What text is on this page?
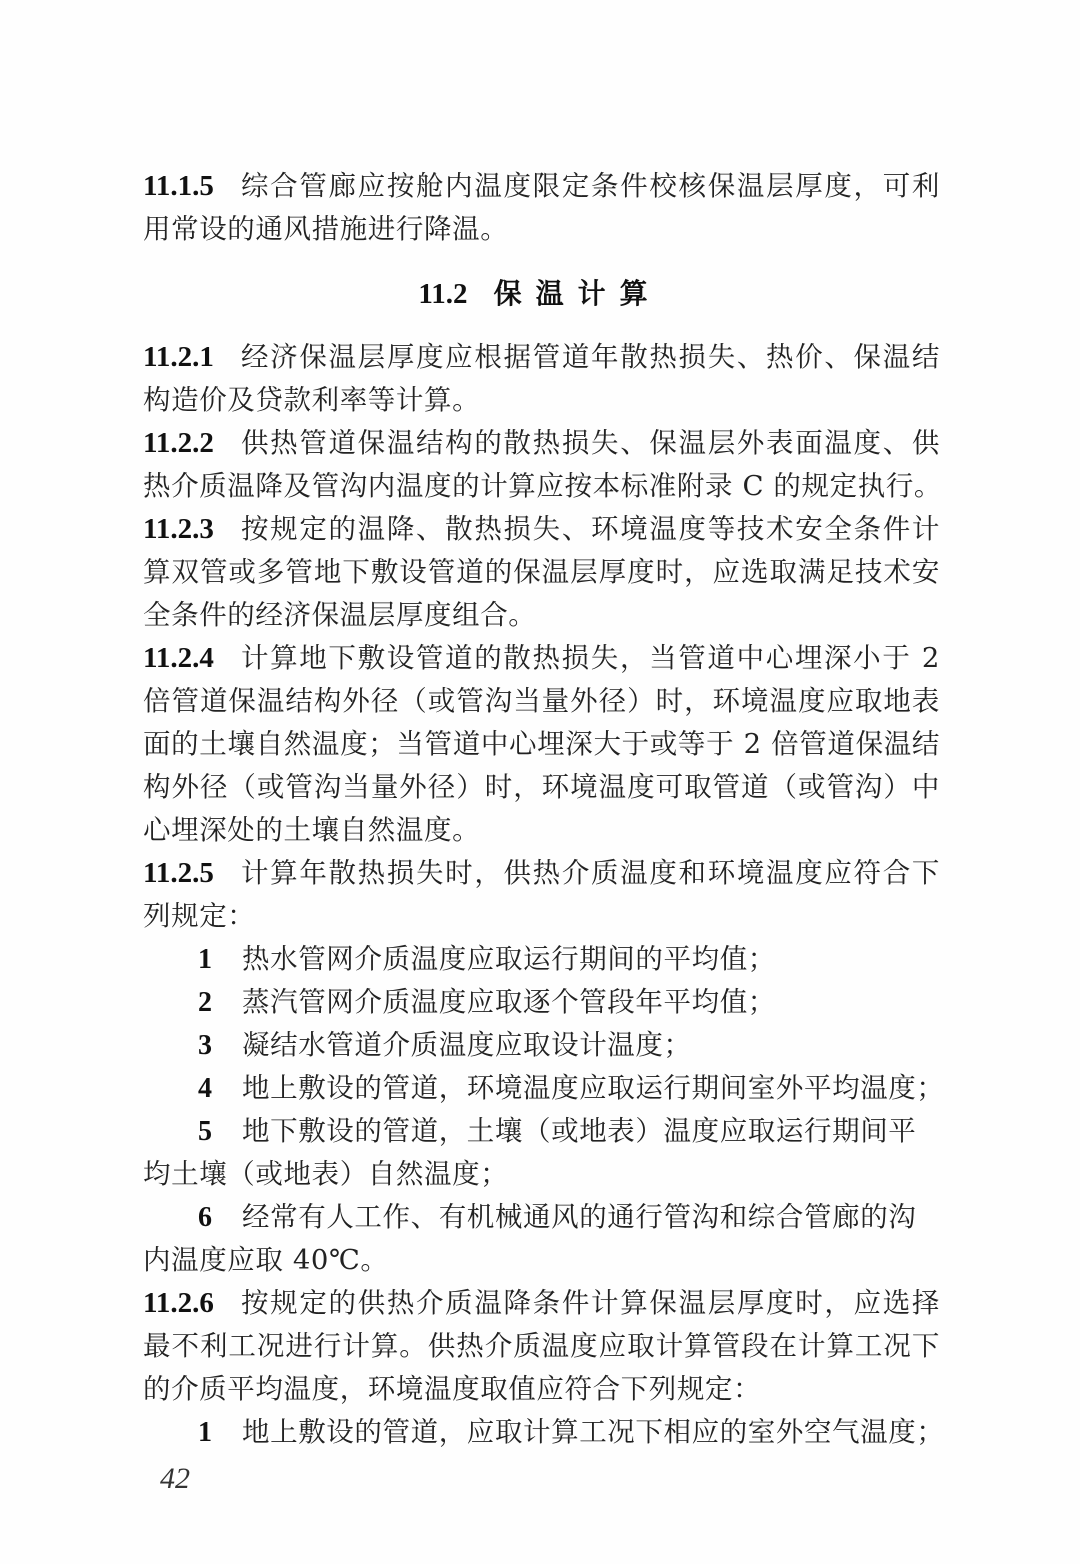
11.1.5 综合管廊应按舱内温度限定条件校核保温层厚度，可利
用常设的通风措施进行降温。
11.2 保温计算
11.2.1 经济保温层厚度应根据管道年散热损失、热价、保温结
构造价及贷款利率等计算。
11.2.2 供热管道保温结构的散热损失、保温层外表面温度、供
热介质温降及管沟内温度的计算应按本标准附录 C 的规定执行。
11.2.3 按规定的温降、散热损失、环境温度等技术安全条件计
算双管或多管地下敷设管道的保温层厚度时，应选取满足技术安
全条件的经济保温层厚度组合。
11.2.4 计算地下敷设管道的散热损失，当管道中心埋深小于 2
倍管道保温结构外径（或管沟当量外径）时，环境温度应取地表
面的土壤自然温度；当管道中心埋深大于或等于 2 倍管道保温结
构外径（或管沟当量外径）时，环境温度可取管道（或管沟）中
心埋深处的土壤自然温度。
11.2.5 计算年散热损失时，供热介质温度和环境温度应符合下
列规定：
1 热水管网介质温度应取运行期间的平均值；
2 蒸汽管网介质温度应取逐个管段年平均值；
3 凝结水管道介质温度应取设计温度；
4 地上敷设的管道，环境温度应取运行期间室外平均温度；
5 地下敷设的管道，土壤（或地表）温度应取运行期间平
均土壤（或地表）自然温度；
6 经常有人工作、有机械通风的通行管沟和综合管廊的沟
内温度应取 40℃。
11.2.6 按规定的供热介质温降条件计算保温层厚度时，应选择
最不利工况进行计算。供热介质温度应取计算管段在计算工况下
的介质平均温度，环境温度取值应符合下列规定：
1 地上敷设的管道，应取计算工况下相应的室外空气温度；
42
